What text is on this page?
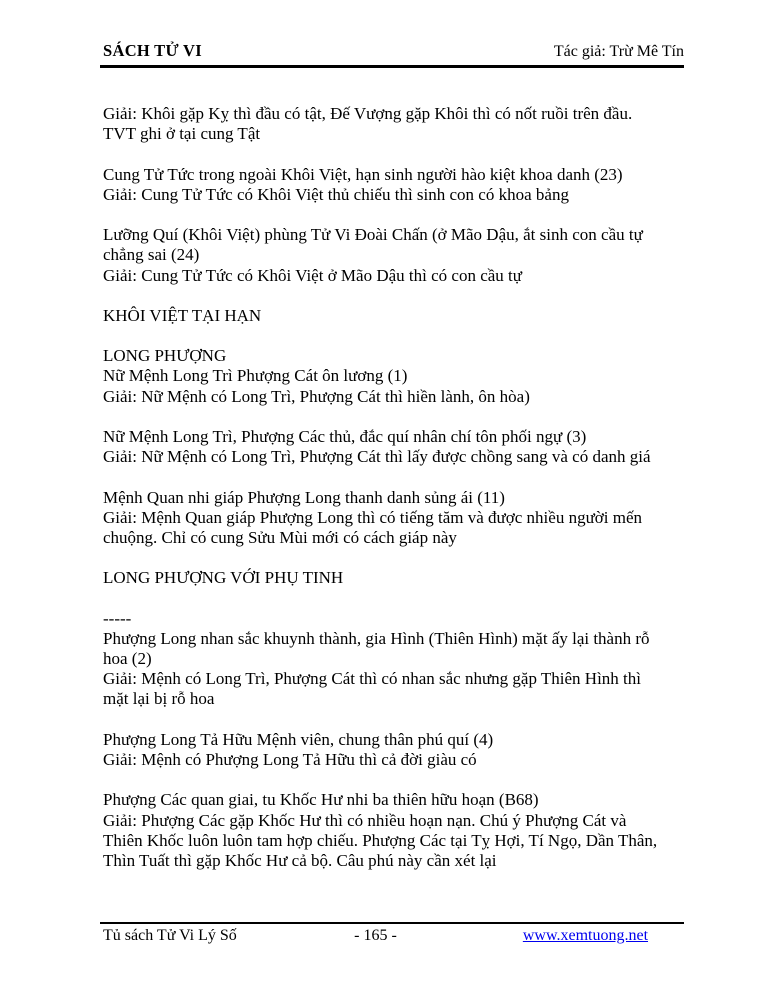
SÁCH TỬ VI	Tác giả: Trừ Mê Tín
Giải: Khôi gặp Kỵ thì đầu có tật, Đế Vượng gặp Khôi thì có nốt ruồi trên đầu.
TVT ghi ở tại cung Tật
Cung Tử Tức trong ngoài Khôi Việt, hạn sinh người hào kiệt khoa danh (23)
Giải: Cung Tử Tức có Khôi Việt thủ chiếu thì sinh con có khoa bảng
Lưỡng Quí (Khôi Việt) phùng Tử Vi Đoài Chấn (ở Mão Dậu, ắt sinh con cầu tự
chẳng sai (24)
Giải: Cung Tử Tức có Khôi Việt ở Mão Dậu thì có con cầu tự
KHÔI VIỆT TẠI HẠN
LONG PHƯỢNG
Nữ Mệnh Long Trì Phượng Cát ôn lương (1)
Giải: Nữ Mệnh có Long Trì, Phượng Cát thì hiền lành, ôn hòa)
Nữ Mệnh Long Trì, Phượng Các thủ, đắc quí nhân chí tôn phối ngự (3)
Giải: Nữ Mệnh có Long Trì, Phượng Cát thì lấy được chồng sang và có danh giá
Mệnh Quan nhi giáp Phượng Long thanh danh sủng ái (11)
Giải: Mệnh Quan giáp Phượng Long thì có tiếng tăm và được nhiều người mến
chuộng. Chỉ có cung Sửu Mùi mới có cách giáp này
LONG PHƯỢNG VỚI PHỤ TINH
-----
Phượng Long nhan sắc khuynh thành, gia Hình (Thiên Hình) mặt ấy lại thành rỗ
hoa (2)
Giải: Mệnh có Long Trì, Phượng Cát thì có nhan sắc nhưng gặp Thiên Hình thì
mặt lại bị rỗ hoa
Phượng Long Tả Hữu Mệnh viên, chung thân phú quí (4)
Giải: Mệnh có Phượng Long Tả Hữu thì cả đời giàu có
Phượng Các quan giai, tu Khốc Hư nhi ba thiên hữu hoạn (B68)
Giải: Phượng Các gặp Khốc Hư thì có nhiều hoạn nạn. Chú ý Phượng Cát và
Thiên Khốc luôn luôn tam hợp chiếu. Phượng Các tại Tỵ Hợi, Tí Ngọ, Dần Thân,
Thìn Tuất thì gặp Khốc Hư cả bộ. Câu phú này cần xét lại
Tủ sách Tử Vi Lý Số	- 165 -	www.xemtuong.net
